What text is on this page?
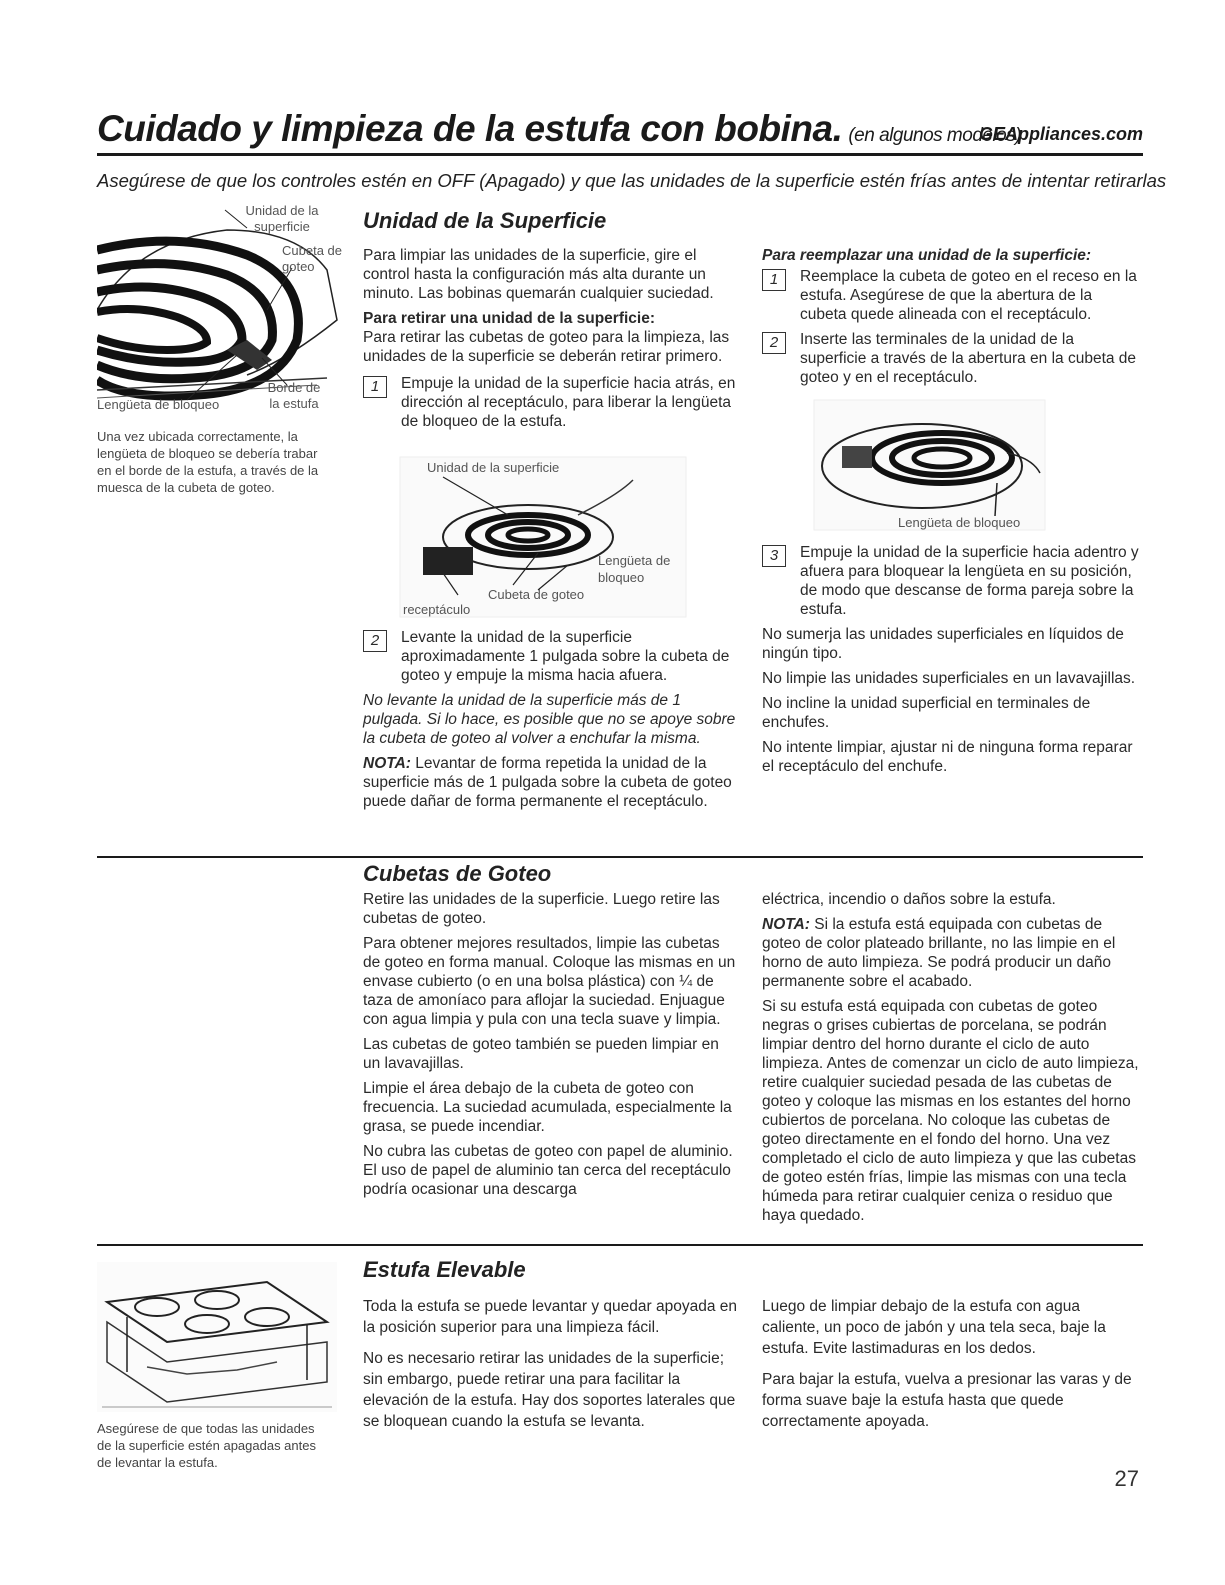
Cuidado y limpieza de la estufa con bobina. (en algunos modelos)
GEAppliances.com
Asegúrese de que los controles estén en OFF (Apagado) y que las unidades de la superficie estén frías antes de intentar retirarlas
Unidad de la superficie
Cubeta de goteo
Borde de la estufa
Lengüeta de bloqueo
Una vez ubicada correctamente, la lengüeta de bloqueo se debería trabar en el borde de la estufa, a través de la muesca de la cubeta de goteo.
Unidad de la Superficie

Para limpiar las unidades de la superficie, gire el control hasta la configuración más alta durante un minuto. Las bobinas quemarán cualquier suciedad.

Para retirar una unidad de la superficie:

Para retirar las cubetas de goteo para la limpieza, las unidades de la superficie se deberán retirar primero.

1	Empuje la unidad de la superficie hacia atrás, en dirección al receptáculo, para liberar la lengüeta de bloqueo de la estufa.
Unidad de la superficie
Lengüeta de bloqueo
Cubeta de goteo
receptáculo
2	Levante la unidad de la superficie aproximadamente 1 pulgada sobre la cubeta de goteo y empuje la misma hacia afuera.

No levante la unidad de la superficie más de 1 pulgada. Si lo hace, es posible que no se apoye sobre la cubeta de goteo al volver a enchufar la misma.

NOTA: Levantar de forma repetida la unidad de la superficie más de 1 pulgada sobre la cubeta de goteo puede dañar de forma permanente el receptáculo.

Para reemplazar una unidad de la superficie:

1	Reemplace la cubeta de goteo en el receso en la estufa. Asegúrese de que la abertura de la cubeta quede alineada con el receptáculo.
2	Inserte las terminales de la unidad de la superficie a través de la abertura en la cubeta de goteo y en el receptáculo.
Lengüeta de bloqueo
3	Empuje la unidad de la superficie hacia adentro y afuera para bloquear la lengüeta en su posición, de modo que descanse de forma pareja sobre la estufa.

No sumerja las unidades superficiales en líquidos de ningún tipo.

No limpie las unidades superficiales en un lavavajillas.

No incline la unidad superficial en terminales de enchufes.

No intente limpiar, ajustar ni de ninguna forma reparar el receptáculo del enchufe.

Cubetas de Goteo

Retire las unidades de la superficie. Luego retire las cubetas de goteo.

Para obtener mejores resultados, limpie las cubetas de goteo en forma manual. Coloque las mismas en un envase cubierto (o en una bolsa plástica) con ¼ de taza de amoníaco para aflojar la suciedad. Enjuague con agua limpia y pula con una tecla suave y limpia.

Las cubetas de goteo también se pueden limpiar en un lavavajillas.

Limpie el área debajo de la cubeta de goteo con frecuencia. La suciedad acumulada, especialmente la grasa, se puede incendiar.

No cubra las cubetas de goteo con papel de aluminio. El uso de papel de aluminio tan cerca del receptáculo podría ocasionar una descarga

eléctrica, incendio o daños sobre la estufa.

NOTA: Si la estufa está equipada con cubetas de goteo de color plateado brillante, no las limpie en el horno de auto limpieza. Se podrá producir un daño permanente sobre el acabado.

Si su estufa está equipada con cubetas de goteo negras o grises cubiertas de porcelana, se podrán limpiar dentro del horno durante el ciclo de auto limpieza. Antes de comenzar un ciclo de auto limpieza, retire cualquier suciedad pesada de las cubetas de goteo y coloque las mismas en los estantes del horno cubiertos de porcelana. No coloque las cubetas de goteo directamente en el fondo del horno. Una vez completado el ciclo de auto limpieza y que las cubetas de goteo estén frías, limpie las mismas con una tecla húmeda para retirar cualquier ceniza o residuo que haya quedado.

Asegúrese de que todas las unidades de la superficie estén apagadas antes de levantar la estufa.
Estufa Elevable

Toda la estufa se puede levantar y quedar apoyada en la posición superior para una limpieza fácil.

No es necesario retirar las unidades de la superficie; sin embargo, puede retirar una para facilitar la elevación de la estufa. Hay dos soportes laterales que se bloquean cuando la estufa se levanta.

Luego de limpiar debajo de la estufa con agua caliente, un poco de jabón y una tela seca, baje la estufa. Evite lastimaduras en los dedos.

Para bajar la estufa, vuelva a presionar las varas y de forma suave baje la estufa hasta que quede correctamente apoyada.

27
